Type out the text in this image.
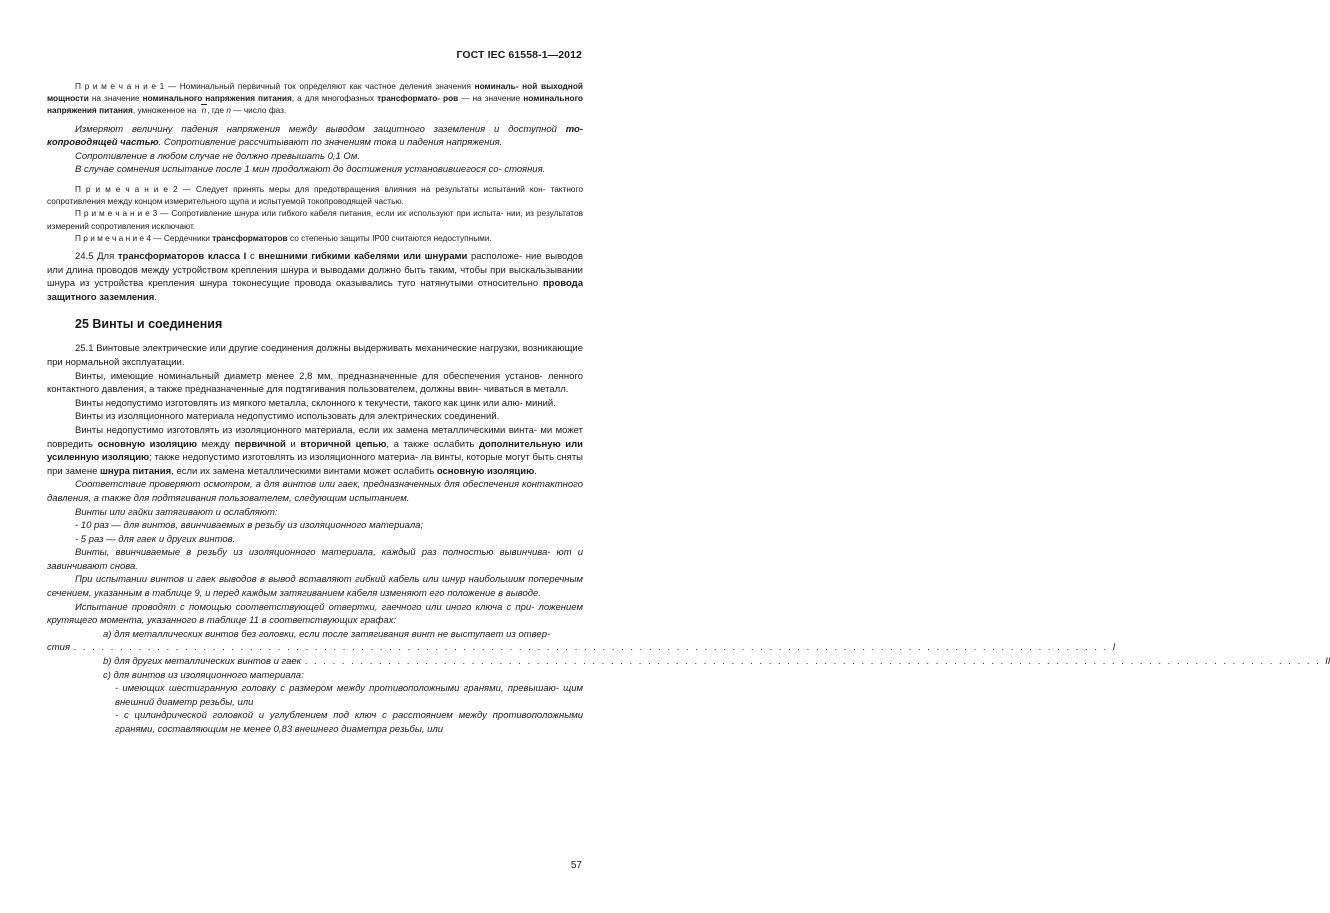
ГОСТ IEC 61558-1—2012

П р и м е ч а н и е 1 — Номинальный первичный ток определяют как частное деления значения номиналь- ной выходной мощности на значение номинального напряжения питания, а для многофазных трансформато- ров — на значение номинального напряжения питания, умноженное на n, где n — число фаз.

Измеряют величину падения напряжения между выводом защитного заземления и доступной то- копроводящей частью. Сопротивление рассчитывают по значениям тока и падения напряжения.

Сопротивление в любом случае не должно превышать 0,1 Ом.

В случае сомнения испытание после 1 мин продолжают до достижения установившегося со- стояния.

П р и м е ч а н и е 2 — Следует принять меры для предотвращения влияния на результаты испытаний кон- тактного сопротивления между концом измерительного щупа и испытуемой токопроводящей частью.

П р и м е ч а н и е 3 — Сопротивление шнура или гибкого кабеля питания, если их используют при испыта- нии, из результатов измерений сопротивления исключают.

П р и м е ч а н и е 4 — Сердечники трансформаторов со степенью защиты IP00 считаются недоступными.

24.5 Для трансформаторов класса I с внешними гибкими кабелями или шнурами расположе- ние выводов или длина проводов между устройством крепления шнура и выводами должно быть таким, чтобы при выскальзывании шнура из устройства крепления шнура токонесущие провода оказывались туго натянутыми относительно провода защитного заземления.

25 Винты и соединения

25.1 Винтовые электрические или другие соединения должны выдерживать механические нагрузки, возникающие при нормальной эксплуатации.

Винты, имеющие номинальный диаметр менее 2,8 мм, предназначенные для обеспечения установ- ленного контактного давления, а также предназначенные для подтягивания пользователем, должны ввин- чиваться в металл.

Винты недопустимо изготовлять из мягкого металла, склонного к текучести, такого как цинк или алю- миний.

Винты из изоляционного материала недопустимо использовать для электрических соединений.

Винты недопустимо изготовлять из изоляционного материала, если их замена металлическими винта- ми может повредить основную изоляцию между первичной и вторичной цепью, а также ослабить дополнительную или усиленную изоляцию; также недопустимо изготовлять из изоляционного материа- ла винты, которые могут быть сняты при замене шнура питания, если их замена металлическими винтами может ослабить основную изоляцию.

Соответствие проверяют осмотром, а для винтов или гаек, предназначенных для обеспечения контактного давления, а также для подтягивания пользователем, следующим испытанием.

Винты или гайки затягивают и ослабляют:

- 10 раз — для винтов, ввинчиваемых в резьбу из изоляционного материала;

- 5 раз — для гаек и других винтов.

Винты, ввинчиваемые в резьбу из изоляционного материала, каждый раз полностью вывинчива- ют и завинчивают снова.

При испытании винтов и гаек выводов в вывод вставляют гибкий кабель или шнур наибольшим поперечным сечением, указанным в таблице 9, и перед каждым затягиванием кабеля изменяют его положение в выводе.

Испытание проводят с помощью соответствующей отвертки, гаечного или иного ключа с при- ложением крутящего момента, указанного в таблице 11 в соответствующих графах:

а) для металлических винтов без головки, если после затягивания винт не выступает из отвер-

стия . . . . . . . . . . . . . . . . . . . . . . . . . . . . . . . . . . . . . . . . . . . . . . . . . . . . . . . . . . . . . . . . . . . . . . . . . . . . . . . . . . . . . . . . . . . . . . . . . . . . . . . . . . . . . . . . I
b) для других металлических винтов и гаек . . . . . . . . . . . . . . . . . . . . . . . . . . . . . . . . . . . . . . . . . . . . . . . . . . . . . . . . . . . . . . . . . . . . . . . . . . . . . . . . . . . . . . . . . . . . . . . . . . . . . . . . . . . . . . II

c) для винтов из изоляционного материала:

- имеющих шестигранную головку с размером между противоположными гранями, превышаю- щим внешний диаметр резьбы, или

- с цилиндрической головкой и углублением под ключ с расстоянием между противоположными гранями, составляющим не менее 0,83 внешнего диаметра резьбы, или

57
